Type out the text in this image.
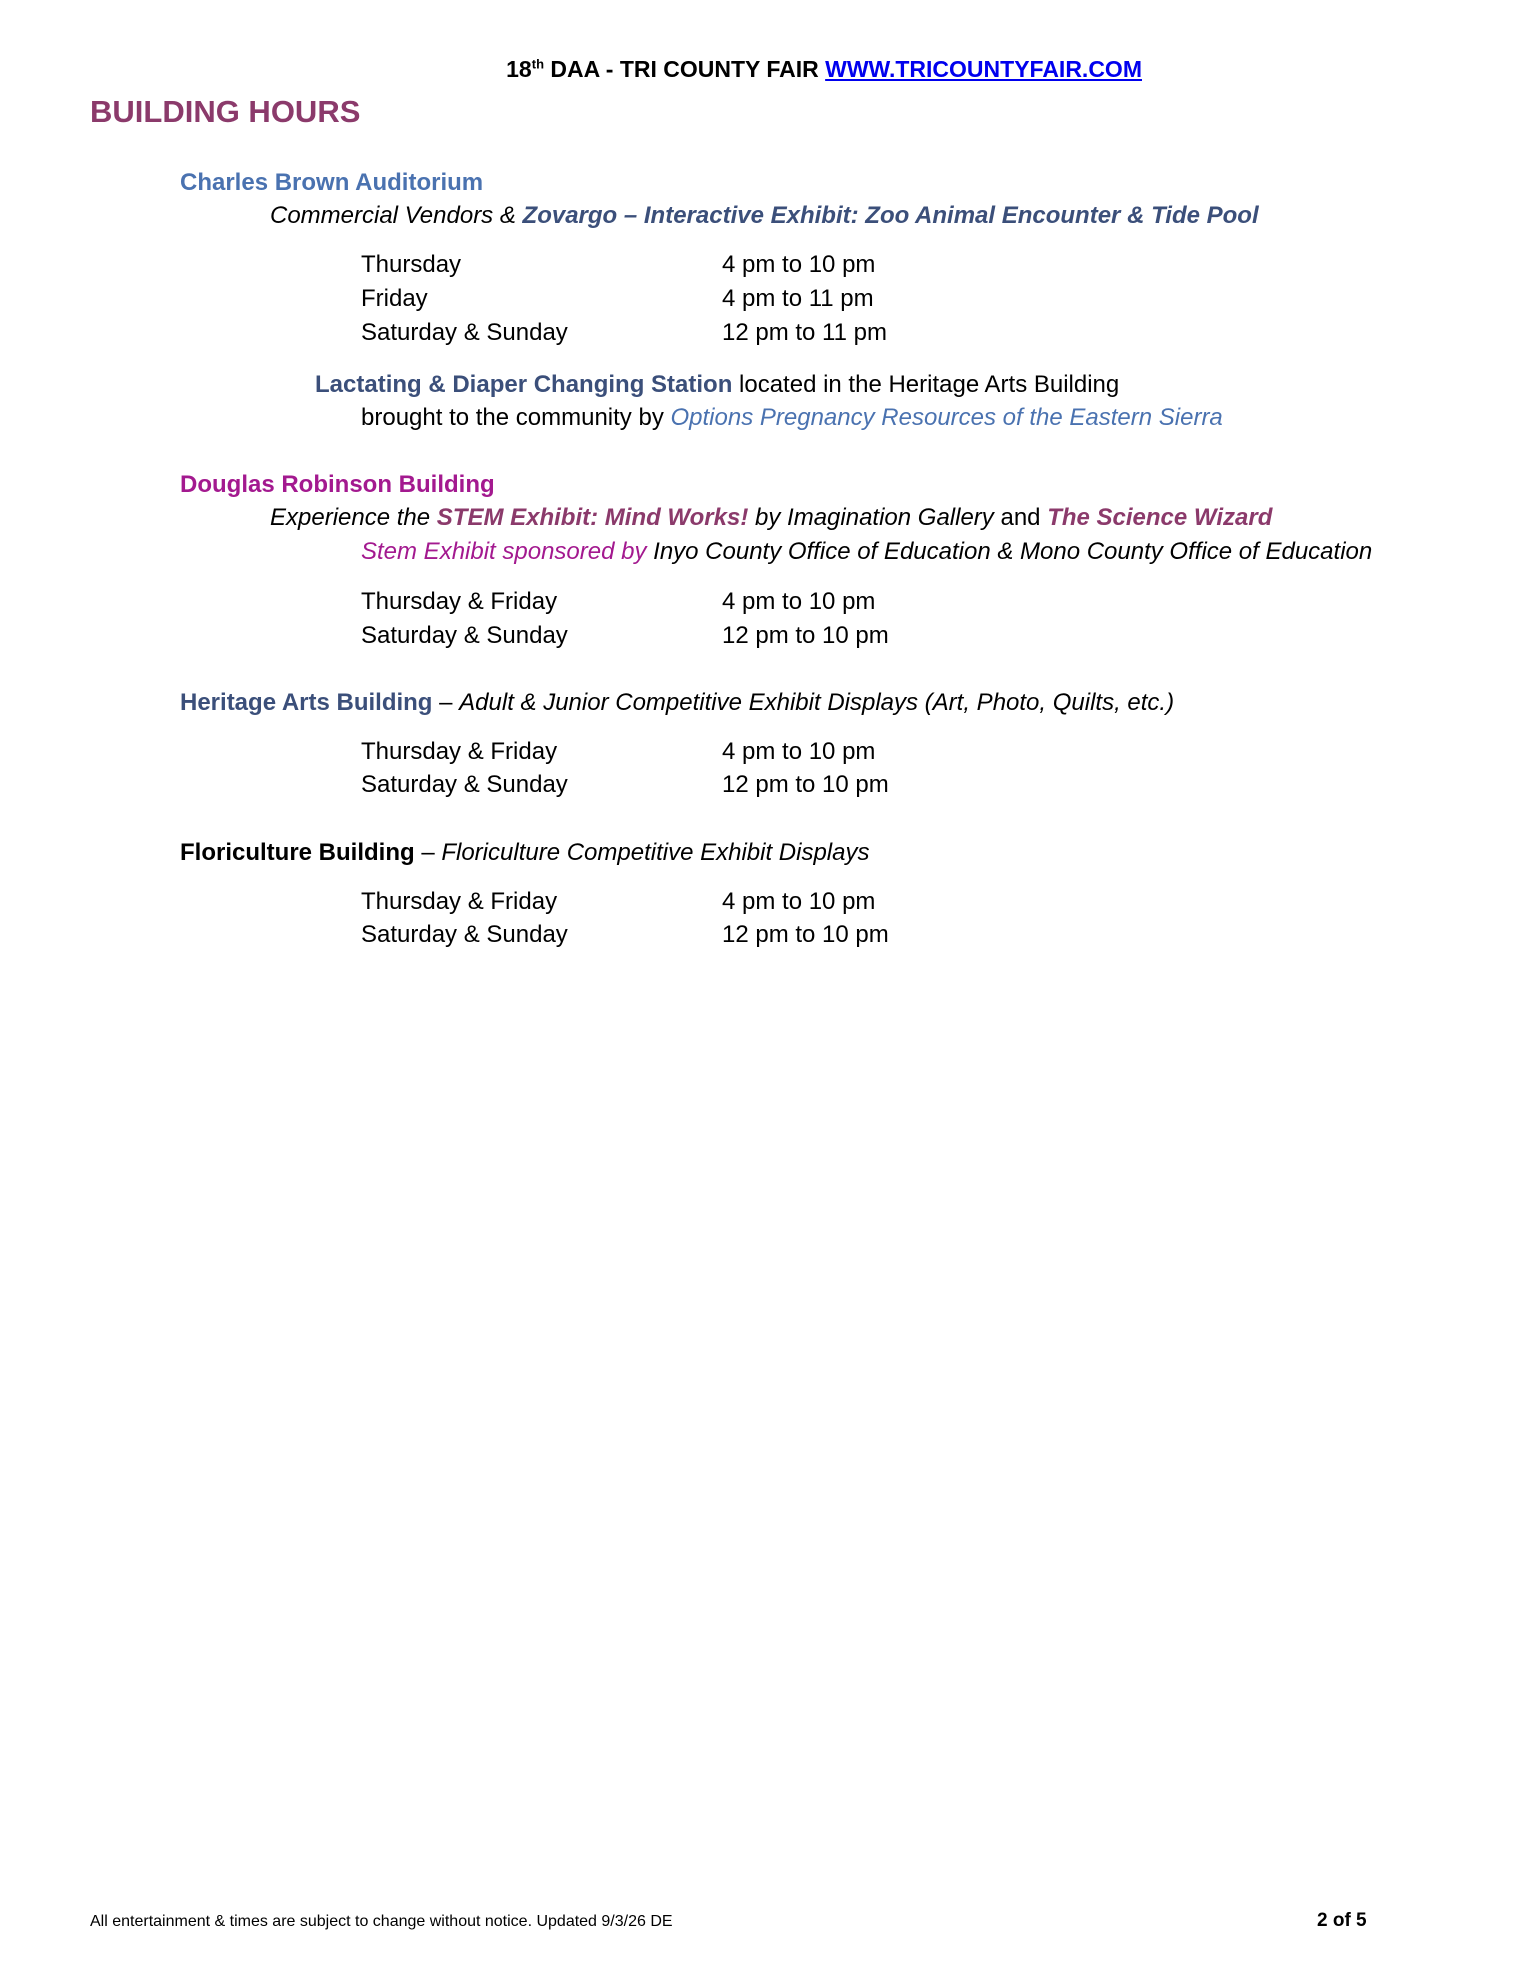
18th DAA - TRI COUNTY FAIR WWW.TRICOUNTYFAIR.COM
BUILDING HOURS
Charles Brown Auditorium
Commercial Vendors & Zovargo – Interactive Exhibit: Zoo Animal Encounter & Tide Pool
Thursday	4 pm to 10 pm
Friday	4 pm to 11 pm
Saturday & Sunday	12 pm to 11 pm
Lactating & Diaper Changing Station located in the Heritage Arts Building
brought to the community by Options Pregnancy Resources of the Eastern Sierra
Douglas Robinson Building
Experience the STEM Exhibit: Mind Works! by Imagination Gallery and The Science Wizard
Stem Exhibit sponsored by Inyo County Office of Education & Mono County Office of Education
Thursday & Friday	4 pm to 10 pm
Saturday & Sunday	12 pm to 10 pm
Heritage Arts Building – Adult & Junior Competitive Exhibit Displays (Art, Photo, Quilts, etc.)
Thursday & Friday	4 pm to 10 pm
Saturday & Sunday	12 pm to 10 pm
Floriculture Building – Floriculture Competitive Exhibit Displays
Thursday & Friday	4 pm to 10 pm
Saturday & Sunday	12 pm to 10 pm
All entertainment & times are subject to change without notice. Updated 9/3/26 DE	2 of 5
